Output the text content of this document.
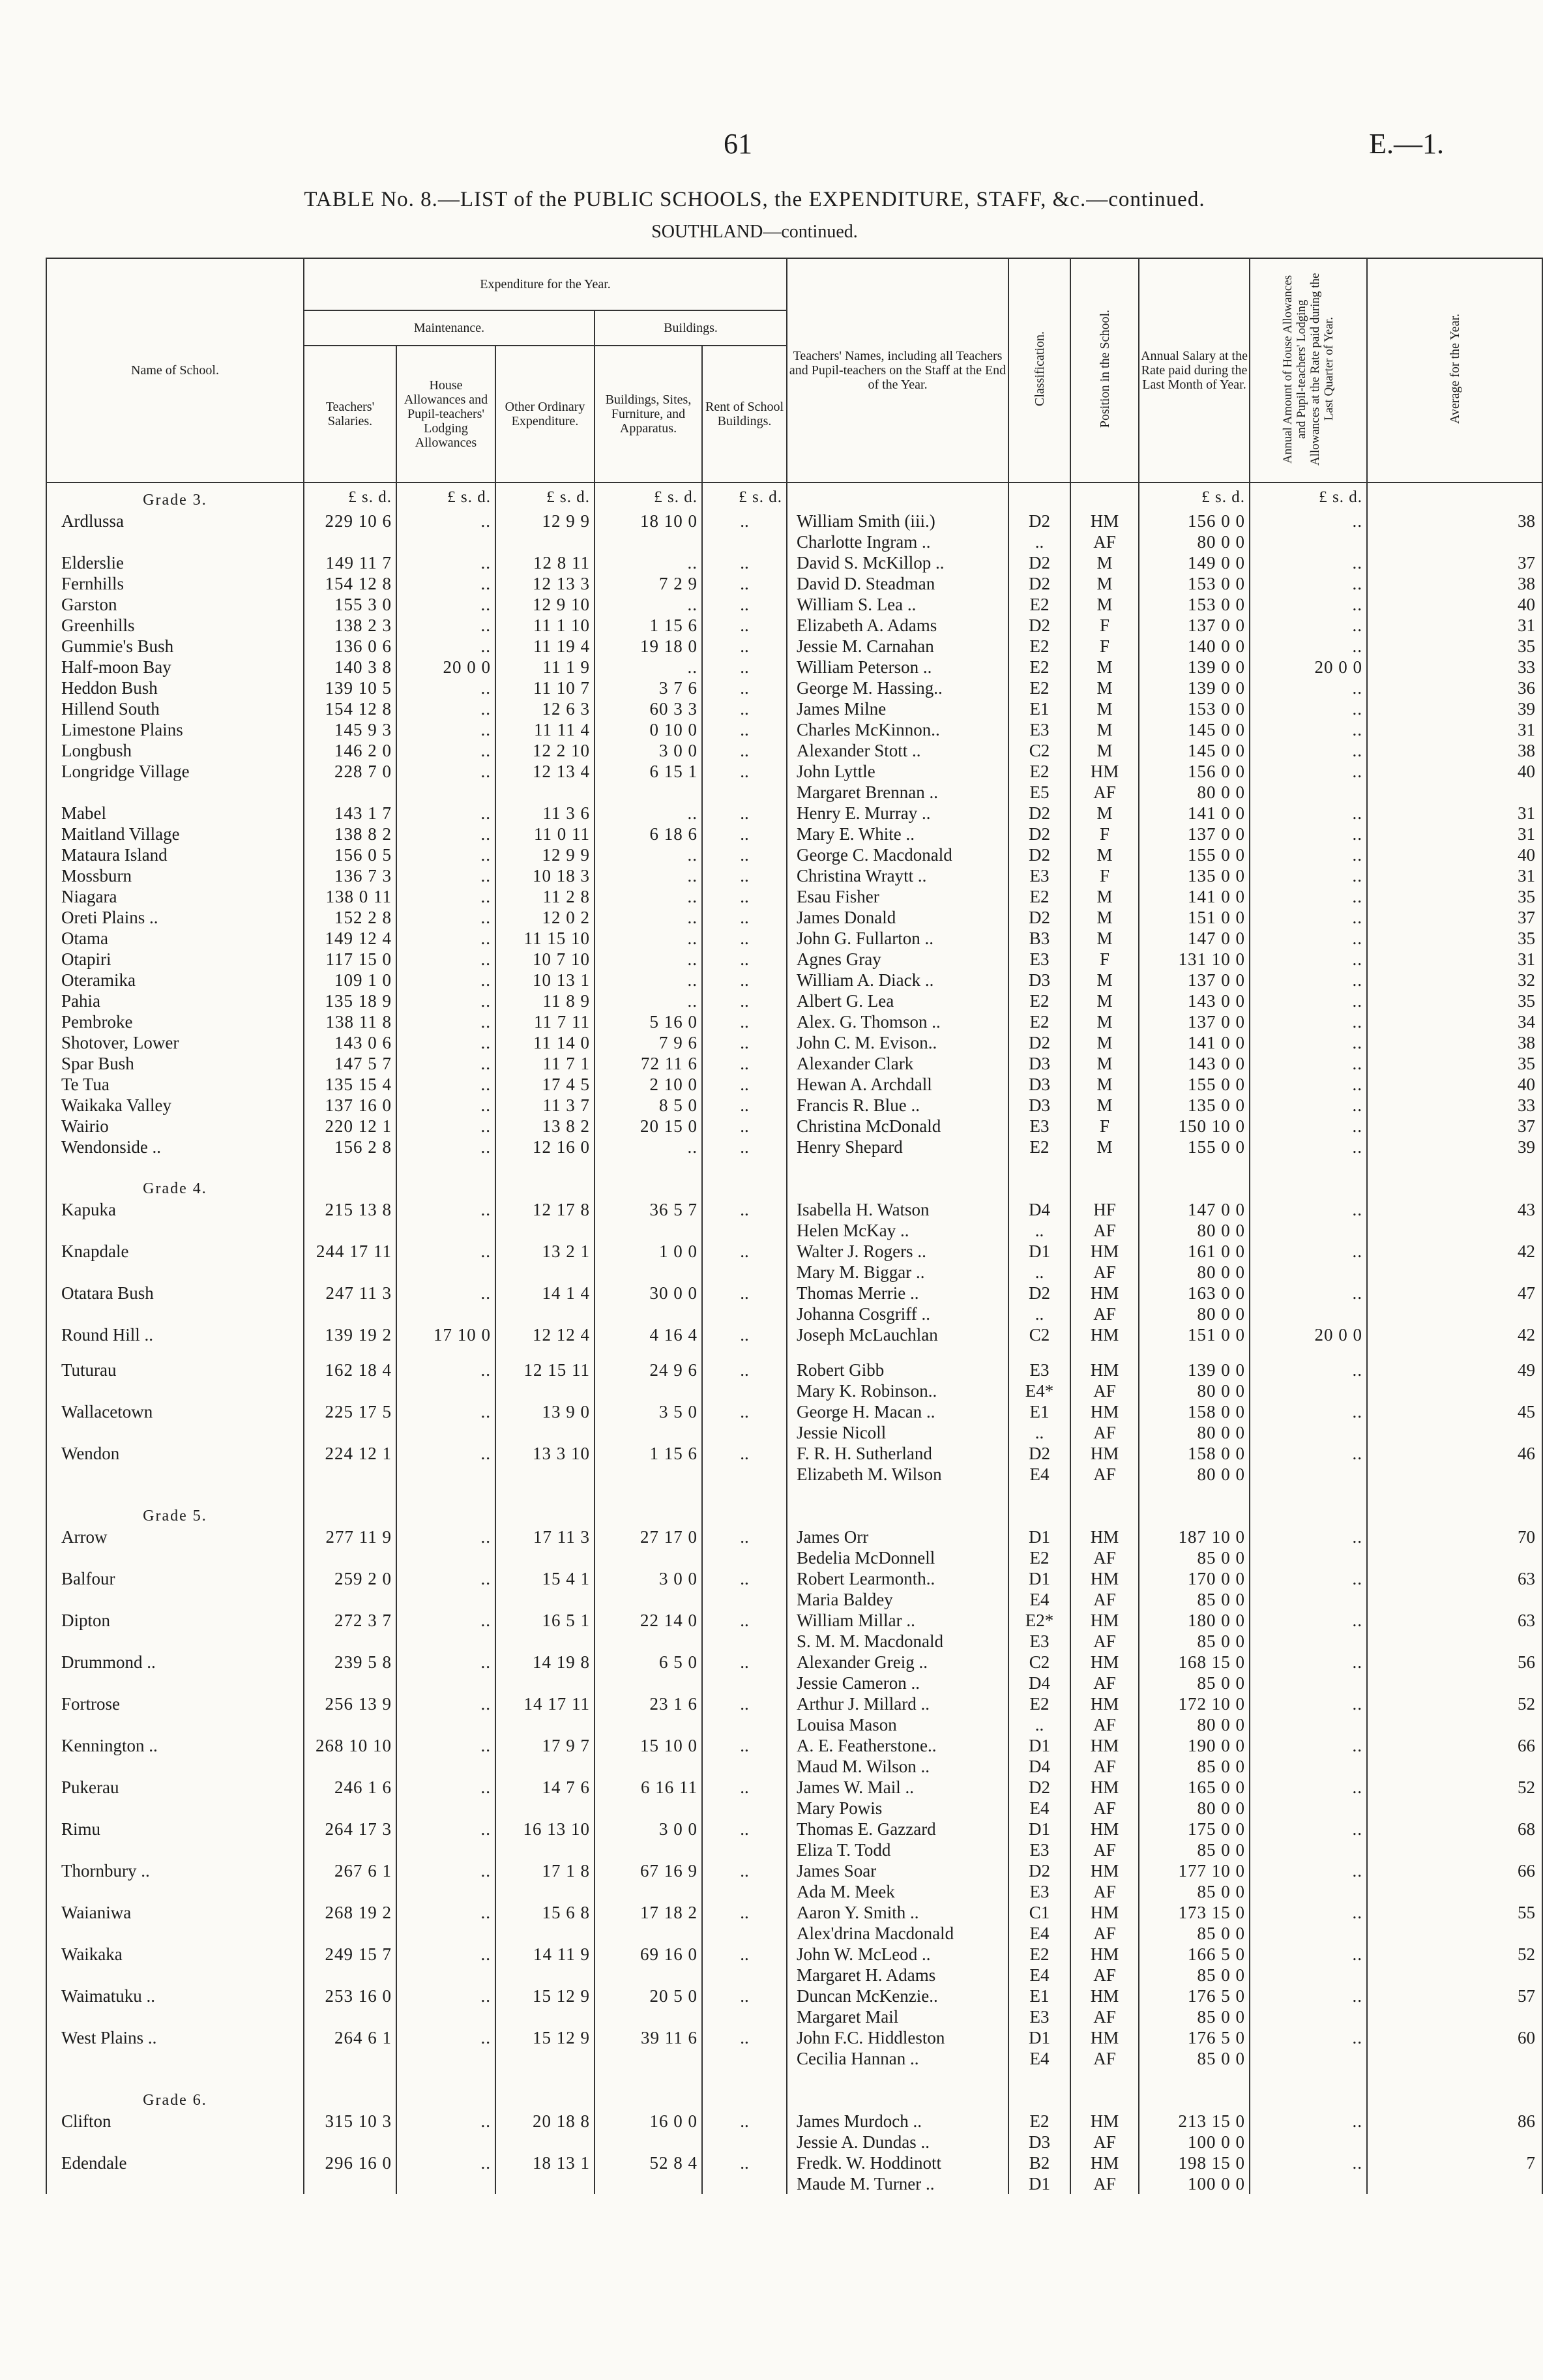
61	E.—1.
TABLE No. 8.—LIST of the PUBLIC SCHOOLS, the EXPENDITURE, STAFF, &c.—continued.
SOUTHLAND—continued.
Name of School.	Expenditure for the Year.					Teachers' Names, including all Teachers and Pupil-teachers on the Staff at the End of the Year.	Classification.	Position in the School.	Annual Salary at the Rate paid during the Last Month of Year.	Annual Amount of House Allowances and Pupil-teachers' Lodging Allowances at the Rate paid during the Last Quarter of Year.	Average for the Year.
	Maintenance.			Buildings.							
	Teachers' Salaries.	House Allowances and Pupil-teachers' Lodging Allowances	Other Ordinary Expenditure.	Buildings, Sites, Furniture, and Apparatus.	Rent of School Buildings.						
Grade 3.	£ s. d.	£ s. d.	£ s. d.	£ s. d.	£ s. d.				£ s. d.	£ s. d.	
Ardlussa	229 10 6	..	12 9 9	18 10 0	..	William Smith (iii.)	D2	HM	156 0 0	..	38
						Charlotte Ingram ..	..	AF	80 0 0		
Elderslie	149 11 7	..	12 8 11	..	..	David S. McKillop ..	D2	M	149 0 0	..	37
Fernhills	154 12 8	..	12 13 3	7 2 9	..	David D. Steadman	D2	M	153 0 0	..	38
Garston	155 3 0	..	12 9 10	..	..	William S. Lea ..	E2	M	153 0 0	..	40
Greenhills	138 2 3	..	11 1 10	1 15 6	..	Elizabeth A. Adams	D2	F	137 0 0	..	31
Gummie's Bush	136 0 6	..	11 19 4	19 18 0	..	Jessie M. Carnahan	E2	F	140 0 0	..	35
Half-moon Bay	140 3 8	20 0 0	11 1 9	..	..	William Peterson ..	E2	M	139 0 0	20 0 0	33
Heddon Bush	139 10 5	..	11 10 7	3 7 6	..	George M. Hassing..	E2	M	139 0 0	..	36
Hillend South	154 12 8	..	12 6 3	60 3 3	..	James Milne	E1	M	153 0 0	..	39
Limestone Plains	145 9 3	..	11 11 4	0 10 0	..	Charles McKinnon..	E3	M	145 0 0	..	31
Longbush	146 2 0	..	12 2 10	3 0 0	..	Alexander Stott ..	C2	M	145 0 0	..	38
Longridge Village	228 7 0	..	12 13 4	6 15 1	..	John Lyttle	E2	HM	156 0 0	..	40
						Margaret Brennan ..	E5	AF	80 0 0		
Mabel	143 1 7	..	11 3 6	..	..	Henry E. Murray ..	D2	M	141 0 0	..	31
Maitland Village	138 8 2	..	11 0 11	6 18 6	..	Mary E. White ..	D2	F	137 0 0	..	31
Mataura Island	156 0 5	..	12 9 9	..	..	George C. Macdonald	D2	M	155 0 0	..	40
Mossburn	136 7 3	..	10 18 3	..	..	Christina Wraytt ..	E3	F	135 0 0	..	31
Niagara	138 0 11	..	11 2 8	..	..	Esau Fisher	E2	M	141 0 0	..	35
Oreti Plains ..	152 2 8	..	12 0 2	..	..	James Donald	D2	M	151 0 0	..	37
Otama	149 12 4	..	11 15 10	..	..	John G. Fullarton ..	B3	M	147 0 0	..	35
Otapiri	117 15 0	..	10 7 10	..	..	Agnes Gray	E3	F	131 10 0	..	31
Oteramika	109 1 0	..	10 13 1	..	..	William A. Diack ..	D3	M	137 0 0	..	32
Pahia	135 18 9	..	11 8 9	..	..	Albert G. Lea	E2	M	143 0 0	..	35
Pembroke	138 11 8	..	11 7 11	5 16 0	..	Alex. G. Thomson ..	E2	M	137 0 0	..	34
Shotover, Lower	143 0 6	..	11 14 0	7 9 6	..	John C. M. Evison..	D2	M	141 0 0	..	38
Spar Bush	147 5 7	..	11 7 1	72 11 6	..	Alexander Clark	D3	M	143 0 0	..	35
Te Tua	135 15 4	..	17 4 5	2 10 0	..	Hewan A. Archdall	D3	M	155 0 0	..	40
Waikaka Valley	137 16 0	..	11 3 7	8 5 0	..	Francis R. Blue ..	D3	M	135 0 0	..	33
Wairio	220 12 1	..	13 8 2	20 15 0	..	Christina McDonald	E3	F	150 10 0	..	37
Wendonside ..	156 2 8	..	12 16 0	..	..	Henry Shepard	E2	M	155 0 0	..	39

Grade 4.											
Kapuka	215 13 8	..	12 17 8	36 5 7	..	Isabella H. Watson	D4	HF	147 0 0	..	43
						Helen McKay ..	..	AF	80 0 0		
Knapdale	244 17 11	..	13 2 1	1 0 0	..	Walter J. Rogers ..	D1	HM	161 0 0	..	42
						Mary M. Biggar ..	..	AF	80 0 0		
Otatara Bush	247 11 3	..	14 1 4	30 0 0	..	Thomas Merrie ..	D2	HM	163 0 0	..	47
						Johanna Cosgriff ..	..	AF	80 0 0		
Round Hill ..	139 19 2	17 10 0	12 12 4	4 16 4	..	Joseph McLauchlan	C2	HM	151 0 0	20 0 0	42

Tuturau	162 18 4	..	12 15 11	24 9 6	..	Robert Gibb	E3	HM	139 0 0	..	49
						Mary K. Robinson..	E4*	AF	80 0 0		
Wallacetown	225 17 5	..	13 9 0	3 5 0	..	George H. Macan ..	E1	HM	158 0 0	..	45
						Jessie Nicoll	..	AF	80 0 0		
Wendon	224 12 1	..	13 3 10	1 15 6	..	F. R. H. Sutherland	D2	HM	158 0 0	..	46
						Elizabeth M. Wilson	E4	AF	80 0 0		

Grade 5.											
Arrow	277 11 9	..	17 11 3	27 17 0	..	James Orr	D1	HM	187 10 0	..	70
						Bedelia McDonnell	E2	AF	85 0 0		
Balfour	259 2 0	..	15 4 1	3 0 0	..	Robert Learmonth..	D1	HM	170 0 0	..	63
						Maria Baldey	E4	AF	85 0 0		
Dipton	272 3 7	..	16 5 1	22 14 0	..	William Millar ..	E2*	HM	180 0 0	..	63
						S. M. M. Macdonald	E3	AF	85 0 0		
Drummond ..	239 5 8	..	14 19 8	6 5 0	..	Alexander Greig ..	C2	HM	168 15 0	..	56
						Jessie Cameron ..	D4	AF	85 0 0		
Fortrose	256 13 9	..	14 17 11	23 1 6	..	Arthur J. Millard ..	E2	HM	172 10 0	..	52
						Louisa Mason	..	AF	80 0 0		
Kennington ..	268 10 10	..	17 9 7	15 10 0	..	A. E. Featherstone..	D1	HM	190 0 0	..	66
						Maud M. Wilson ..	D4	AF	85 0 0		
Pukerau	246 1 6	..	14 7 6	6 16 11	..	James W. Mail ..	D2	HM	165 0 0	..	52
						Mary Powis	E4	AF	80 0 0		
Rimu	264 17 3	..	16 13 10	3 0 0	..	Thomas E. Gazzard	D1	HM	175 0 0	..	68
						Eliza T. Todd	E3	AF	85 0 0		
Thornbury ..	267 6 1	..	17 1 8	67 16 9	..	James Soar	D2	HM	177 10 0	..	66
						Ada M. Meek	E3	AF	85 0 0		
Waianiwa	268 19 2	..	15 6 8	17 18 2	..	Aaron Y. Smith ..	C1	HM	173 15 0	..	55
						Alex'drina Macdonald	E4	AF	85 0 0		
Waikaka	249 15 7	..	14 11 9	69 16 0	..	John W. McLeod ..	E2	HM	166 5 0	..	52
						Margaret H. Adams	E4	AF	85 0 0		
Waimatuku ..	253 16 0	..	15 12 9	20 5 0	..	Duncan McKenzie..	E1	HM	176 5 0	..	57
						Margaret Mail	E3	AF	85 0 0		
West Plains ..	264 6 1	..	15 12 9	39 11 6	..	John F.C. Hiddleston	D1	HM	176 5 0	..	60
						Cecilia Hannan ..	E4	AF	85 0 0		

Grade 6.											
Clifton	315 10 3	..	20 18 8	16 0 0	..	James Murdoch ..	E2	HM	213 15 0	..	86
						Jessie A. Dundas ..	D3	AF	100 0 0		
Edendale	296 16 0	..	18 13 1	52 8 4	..	Fredk. W. Hoddinott	B2	HM	198 15 0	..	7
						Maude M. Turner ..	D1	AF	100 0 0		
